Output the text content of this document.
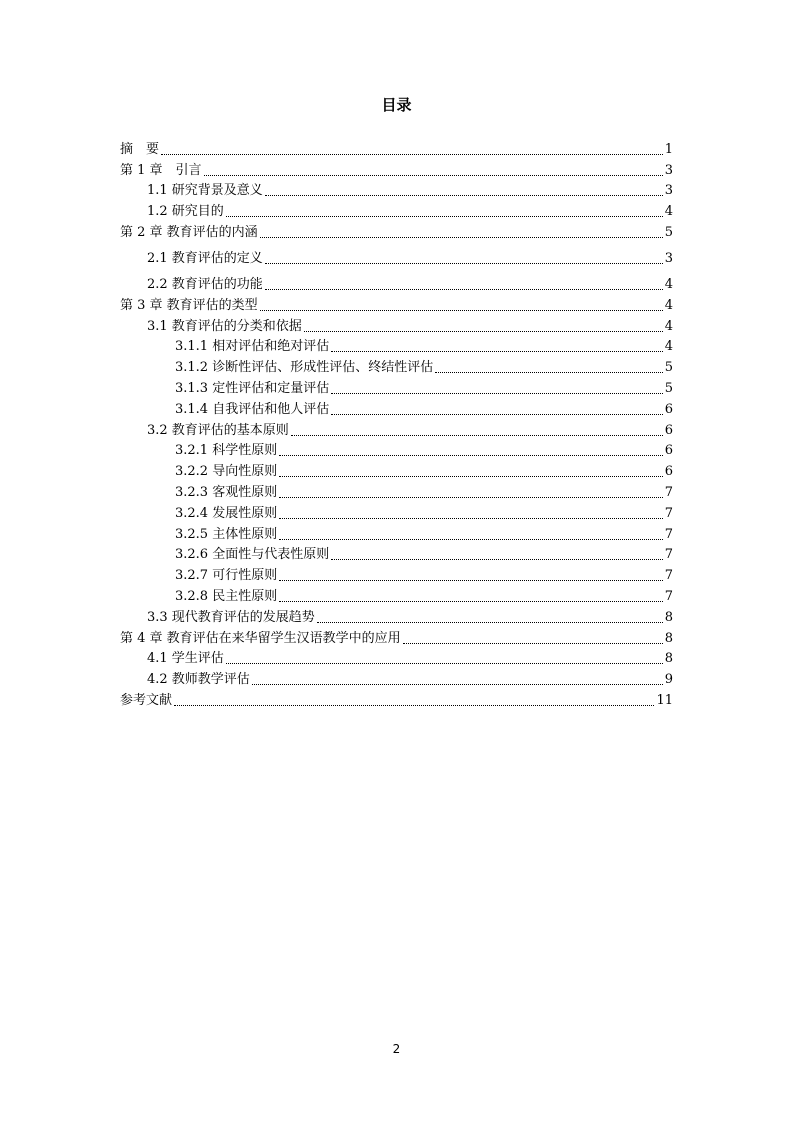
目录
摘　要	1
第 1 章　引言	3
1.1 研究背景及意义	3
1.2 研究目的	4
第 2 章 教育评估的内涵	5
2.1 教育评估的定义	3
2.2 教育评估的功能	4
第 3 章 教育评估的类型	4
3.1 教育评估的分类和依据	4
3.1.1 相对评估和绝对评估	4
3.1.2 诊断性评估、形成性评估、终结性评估	5
3.1.3 定性评估和定量评估	5
3.1.4 自我评估和他人评估	6
3.2 教育评估的基本原则	6
3.2.1 科学性原则	6
3.2.2 导向性原则	6
3.2.3 客观性原则	7
3.2.4 发展性原则	7
3.2.5 主体性原则	7
3.2.6 全面性与代表性原则	7
3.2.7 可行性原则	7
3.2.8 民主性原则	7
3.3 现代教育评估的发展趋势	8
第 4 章 教育评估在来华留学生汉语教学中的应用	8
4.1 学生评估	8
4.2 教师教学评估	9
参考文献	11
2
